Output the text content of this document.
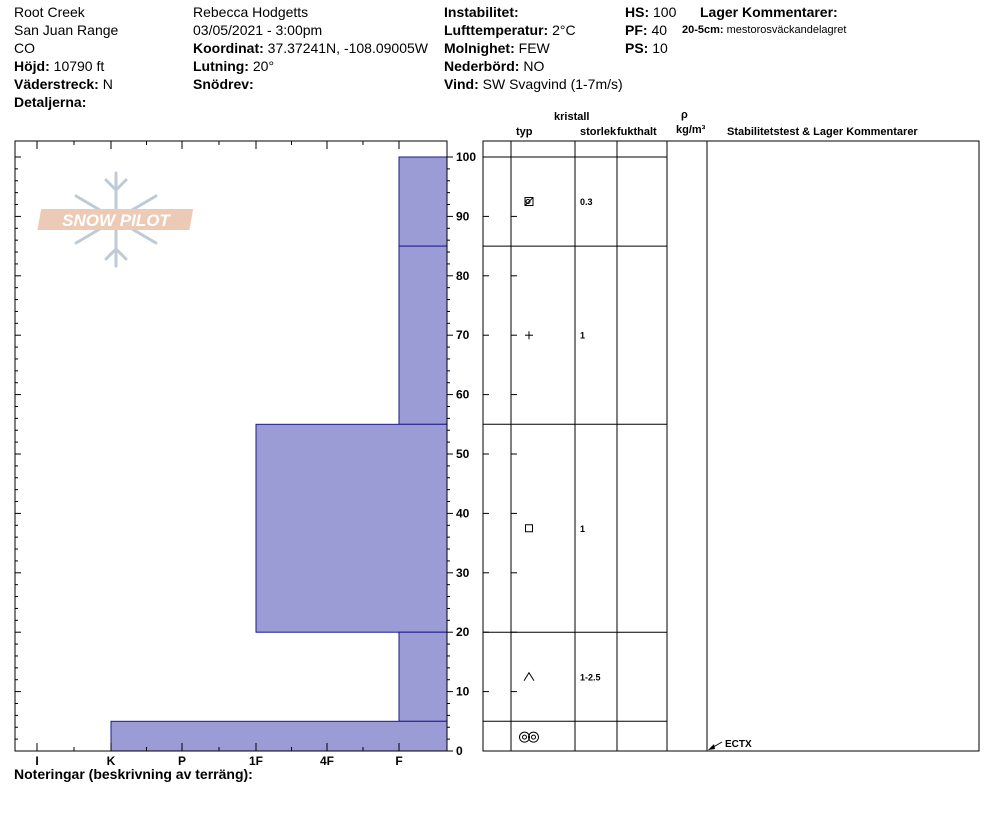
Root Creek
San Juan Range
CO
Höjd: 10790 ft
Väderstreck: N
Detaljerna:
Rebecca Hodgetts
03/05/2021 - 3:00pm
Koordinat: 37.37241N, -108.09005W
Lutning: 20°
Snödrev:
Instabilitet:
Lufttemperatur: 2°C
Molnighet: FEW
Nederbörd: NO
Vind: SW Svagvind (1-7m/s)
HS: 100
PF: 40
PS: 10
Lager Kommentarer:
20-5cm: mestorosväckandelagret
kristall
typ	storlek fukthalt
ρ
kg/m³ Stabilitetstest & Lager Kommentarer
SNOW PILOT
0
10
20
30
40
50
60
70
80
90
100
I	K	P	1F	4F	F
0.3
1
1
1-2.5
ECTX
Noteringar (beskrivning av terräng):
